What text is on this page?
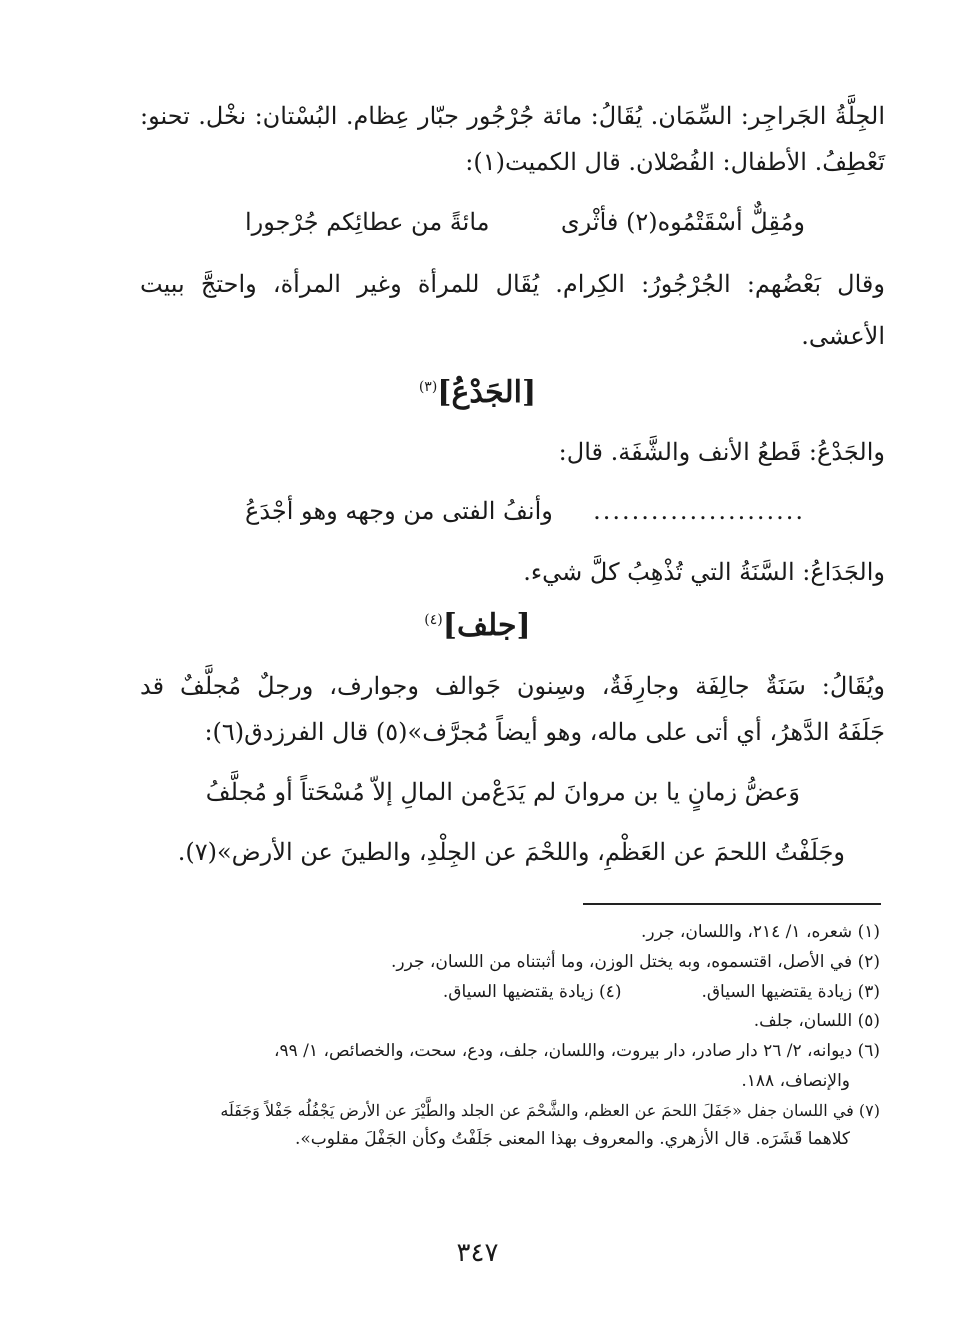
الجِلَّةُ الجَراجِر: السِّمَان. يُقَالُ: مائة جُرْجُور جبّار عِظام. البُسْتان: نخْل. تحنو:
تَعْطِفُ. الأطفال: الفُصْلان. قال الكميت(١):
ومُقِلٌّ أسْقَتْمُوه(٢) فأثْرى
مائةً من عطائِكم جُرْجورا
وقال بَعْضُهم: الجُرْجُورُ: الكِرام. يُقَال للمرأة وغير المرأة، واحتجَّ ببيت
الأعشى.
[الجَدْعُ]$^{(٣)}$
والجَدْعُ: قَطعُ الأنف والشَّفَة. قال:
......................
وأنفُ الفتى من وجهه وهو أجْدَعُ
والجَدَاعُ: السَّنَةُ التي تُذْهِبُ كلَّ شيء.
[جلف]$^{(٤)}$
ويُقَالُ: سَنَةٌ جالِفَة وجارِفَةٌ، وسِنون جَوالف وجوارف، ورجلٌ مُجلَّفٌ قد
جَلَفَهُ الدَّهرُ، أي أتى على ماله، وهو أيضاً مُجرَّف»(٥) قال الفرزدق(٦):
وَعضُّ زمانٍ يا بن مروانَ لم يَدَعْ
من المالِ إلاّ مُسْحَتاً أو مُجلَّفُ
وجَلَفْتُ اللحمَ عن العَظْمِ، واللحْمَ عن الجِلْدِ، والطينَ عن الأرض»(٧).
(١) شعره، ١/ ٢١٤، واللسان، جرر.
(٢) في الأصل، اقتسموه، وبه يختل الوزن، وما أثبتناه من اللسان، جرر.
(٣) زيادة يقتضيها السياق.
(٤) زيادة يقتضيها السياق.
(٥) اللسان، جلف.
(٦) ديوانه، ٢/ ٢٦ دار صادر، دار بيروت، واللسان، جلف، ودع، سحت، والخصائص، ١/ ٩٩،
والإنصاف، ١٨٨.
(٧) في اللسان جفل «جَفَلَ اللحمَ عن العظم، والشَّحْمَ عن الجلد والطَّيْرَ عن الأرض يَجْفُلُه جَفْلاً وَجَفَلَه
كلاهما قَشَرَه. قال الأزهري. والمعروف بهذا المعنى جَلَفْتُ وكأن الجَفْلَ مقلوب».
٣٤٧
